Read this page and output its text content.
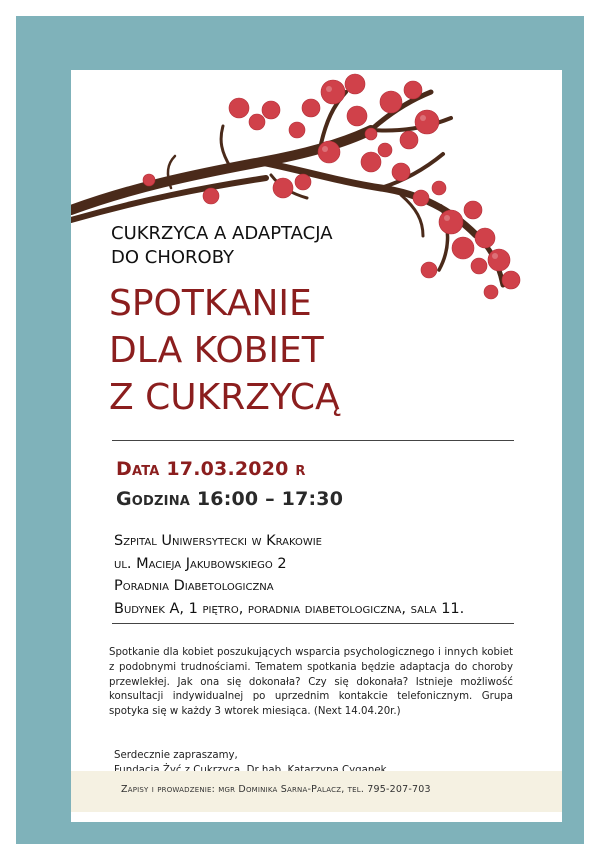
CUKRZYCA A ADAPTACJA
DO CHOROBY
SPOTKANIE
DLA KOBIET
Z CUKRZYCĄ
Data 17.03.2020 r
Godzina 16:00 – 17:30
Szpital Uniwersytecki w Krakowie
ul. Macieja Jakubowskiego 2
Poradnia Diabetologiczna
Budynek A, 1 piętro, poradnia diabetologiczna, sala 11.

Spotkanie dla kobiet poszukujących wsparcia psychologicznego i innych kobiet z podobnymi trudnościami. Tematem spotkania będzie adaptacja do choroby przewlekłej. Jak ona się dokonała? Czy się dokonała? Istnieje możliwość konsultacji indywidualnej po uprzednim kontakcie telefonicznym. Grupa spotyka się w każdy 3 wtorek miesiąca. (Next 14.04.20r.)

Serdecznie zapraszamy,
Zapisy i prowadzenie: mgr Dominika Sarna-Palacz, tel. 795-207-703
